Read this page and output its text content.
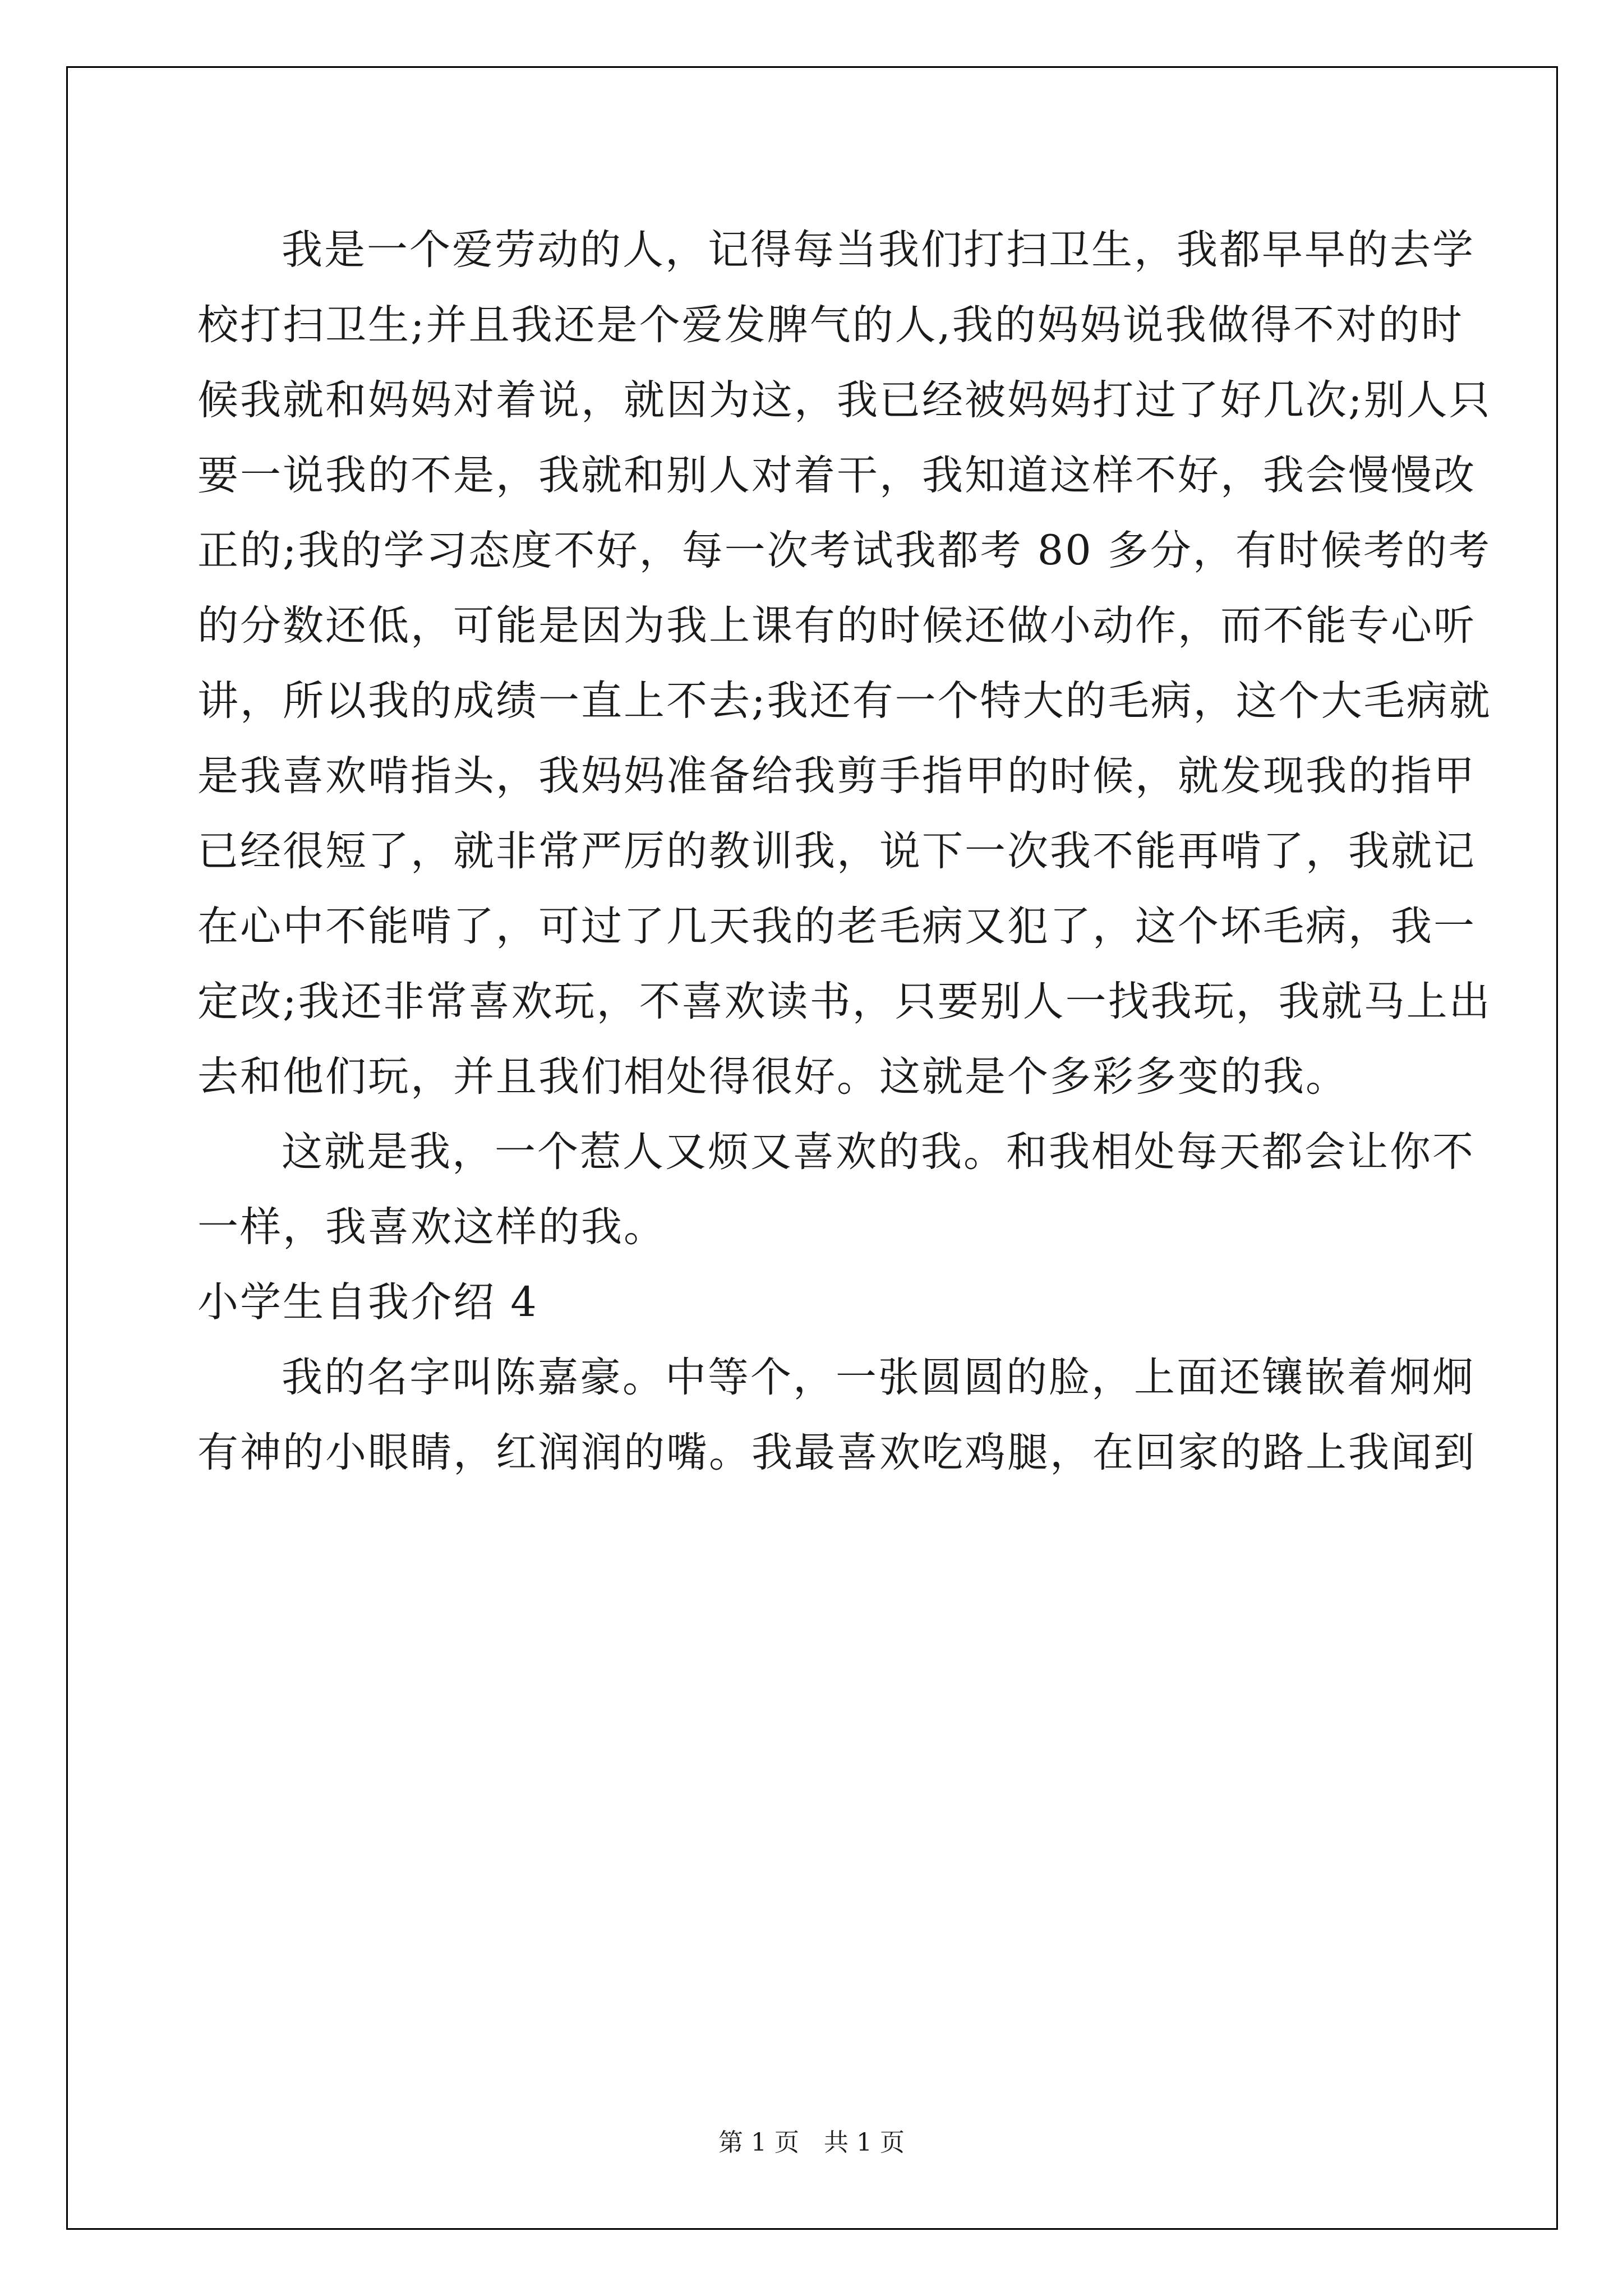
我是一个爱劳动的人，记得每当我们打扫卫生，我都早早的去学
校打扫卫生;并且我还是个爱发脾气的人,我的妈妈说我做得不对的时
候我就和妈妈对着说，就因为这，我已经被妈妈打过了好几次;别人只
要一说我的不是，我就和别人对着干，我知道这样不好，我会慢慢改
正的;我的学习态度不好，每一次考试我都考 80 多分，有时候考的考
的分数还低，可能是因为我上课有的时候还做小动作，而不能专心听
讲，所以我的成绩一直上不去;我还有一个特大的毛病，这个大毛病就
是我喜欢啃指头，我妈妈准备给我剪手指甲的时候，就发现我的指甲
已经很短了，就非常严厉的教训我，说下一次我不能再啃了，我就记
在心中不能啃了，可过了几天我的老毛病又犯了，这个坏毛病，我一
定改;我还非常喜欢玩，不喜欢读书，只要别人一找我玩，我就马上出
去和他们玩，并且我们相处得很好。这就是个多彩多变的我。
这就是我，一个惹人又烦又喜欢的我。和我相处每天都会让你不
一样，我喜欢这样的我。
小学生自我介绍 4
我的名字叫陈嘉豪。中等个，一张圆圆的脸，上面还镶嵌着炯炯
有神的小眼睛，红润润的嘴。我最喜欢吃鸡腿，在回家的路上我闻到
第 1 页　共 1 页
